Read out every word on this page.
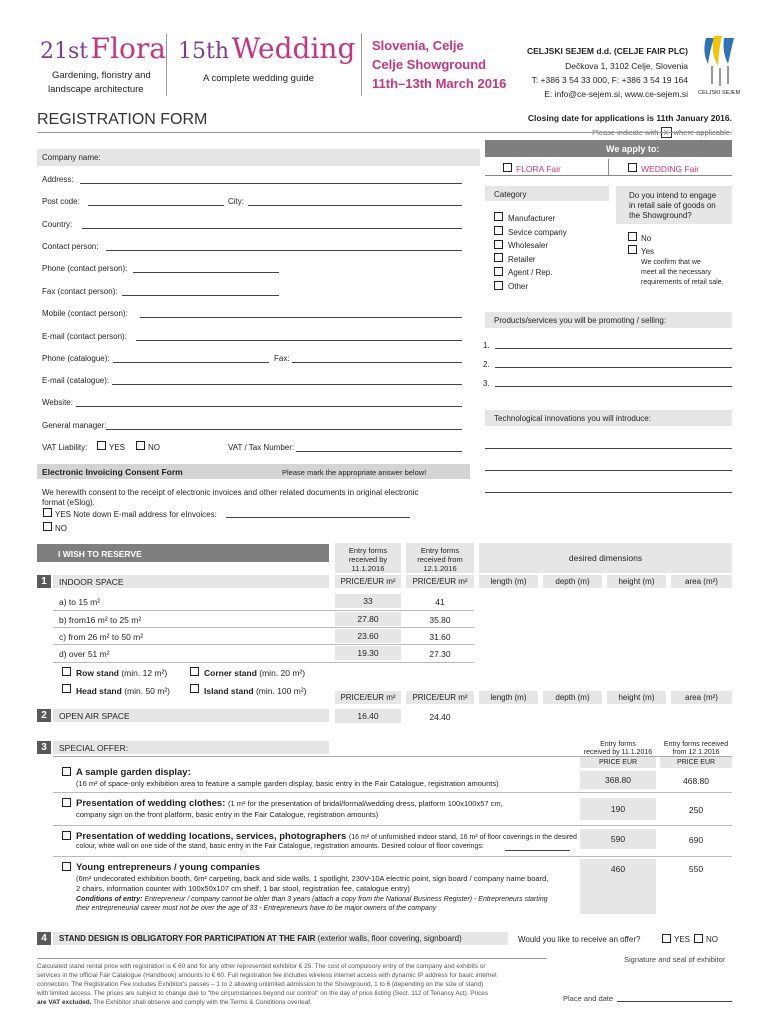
21st Flora
Gardening, floristry and
landscape architecture
15th Wedding
A complete wedding guide
Slovenia, Celje
Celje Showground
11th–13th March 2016
CELJSKI SEJEM d.d. (CELJE FAIR PLC)
Dečkova 1, 3102 Celje, Slovenia
T: +386 3 54 33 000, F: +386 3 54 19 164
E: info@ce-sejem.si, www.ce-sejem.si CELJSKI SEJEM
REGISTRATION FORM	Closing date for applications is 11th January 2016.
Company name:
Address:
Post code:	City:
Country:
Contact person:
Phone (contact person):
Fax (contact person):
Mobile (contact person):
E-mail (contact person):
Phone (catalogue):	Fax:
E-mail (catalogue):
Website:
General manager:
VAT Liability:	YES	NO	VAT / Tax Number:
Electronic Invoicing Consent Form	Please mark the appropriate answer below!
We herewith consent to the receipt of electronic invoices and other related documents in original electronic
format (eSlog).
YES Note down E-mail address for eInvoices:
NO
We apply to:
FLORA Fair	WEDDING Fair
Category
Manufacturer
Sevice company
Wholesaler
Retailer
Agent / Rep.
Other
Do you intend to engage
in retail sale of goods on
the Showground?
No
Yes
We confirm that we
meet all the necessary
requirements of retail sale.
Products/services you will be promoting / selling:
1.
2.
3.
Technological innovations you will introduce:
I WISH TO RESERVE	Entry forms
received by
11.1.2016
Entry forms
received from
12.1.2016
desired dimensions
1	INDOOR SPACE	PRICE/EUR m²	PRICE/EUR m²	length (m)	depth (m)	height (m)	area (m²)
a) to 15 m²	33	41
b) from16 m² to 25 m²	27.80	35.80
c) from 26 m² to 50 m²	23.60	31.60
d) over 51 m²	19.30	27.30
Row stand (min. 12 m²)	Corner stand (min. 20 m²)
Head stand (min. 50 m²)	Island stand (min. 100 m²)
PRICE/EUR m²	PRICE/EUR m²	length (m)	depth (m)	height (m)	area (m²)
2	OPEN AIR SPACE	16.40	24.40
3	SPECIAL OFFER:	Entry forms
received by 11.1.2016
PRICE EUR
Entry forms received
from 12.1.2016
PRICE EUR
A sample garden display:
(16 m² of space-only exhibition area to feature a sample garden display, basic entry in the Fair Catalogue, registration amounts)	368.80	468.80
Presentation of wedding clothes: (1 m² for the presentation of bridal/formal/wedding dress, platform 100x100x57 cm,
company sign on the front platform, basic entry in the Fair Catalogue, registration amounts)
190	250
Presentation of wedding locations, services, photographers (16 m² of unfurnished indoor stand, 16 m² of floor coverings in the desired
colour, white wall on one side of the stand, basic entry in the Fair Catalogue, registration amounts. Desired colour of floor coverings:
590	690
Young entrepreneurs / young companies
(6m² undecorated exhibition booth, 6m² carpeting, back and side walls, 1 spotlight, 230V-10A electric point, sign board / company name board,
2 chairs, information counter with 100x50x107 cm shelf, 1 bar stool, registration fee, catalogue entry)
Conditions of entry: Entrepreneur / company cannot be older than 3 years (attach a copy from the National Business Register) - Entrepreneurs starting
their entrepreneurial career must not be over the age of 33 - Entrepreneurs have to be major owners of the company
460	550
4	STAND DESIGN IS OBLIGATORY FOR PARTICIPATION AT THE FAIR (exterior walls, floor covering, signboard)	Would you like to receive an offer?	YES NO
Calculated stand rental price with registration is € 60 and for any other represented exhibitor € 25. The cost of compulsory entry of the company and exhibits or
services in the official Fair Catalogue (Handbook) amounts to € 60. Full registration fee includes wireless internet access with dynamic IP address for basic internet
connection. The Registration Fee includes Exhibitor's passes – 1 to 2 allowing unlimited admission to the Showground, 1 to 6 (depending on the size of stand)
with limited access. The prices are subject to change due to "the circumstances beyond our control" on the day of price listing (Sect. 112 of Tenancy Act). Prices
are VAT excluded. The Exhibitor shall observe and comply with the Terms & Conditions overleaf.
Signature and seal of exhibitor
Place and date
